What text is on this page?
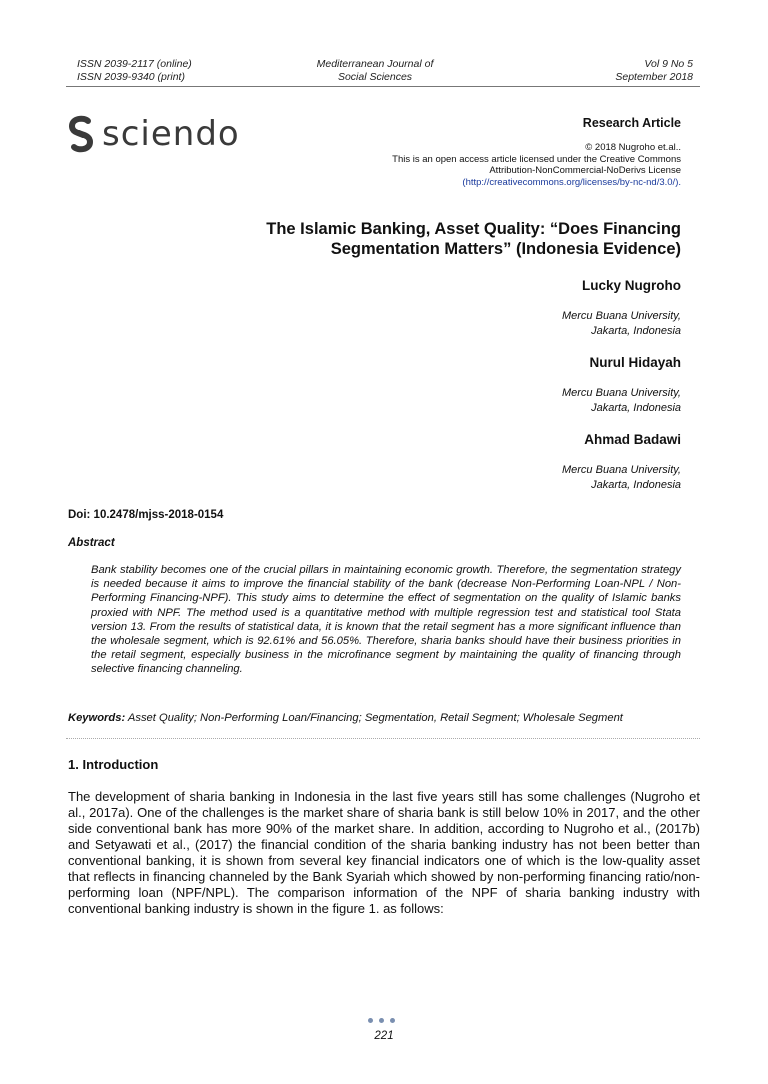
ISSN 2039-2117 (online)
ISSN 2039-9340 (print)
Mediterranean Journal of
Social Sciences
Vol 9 No 5
September 2018
sciendo	Research Article
© 2018 Nugroho et.al..
This is an open access article licensed under the Creative Commons
Attribution-NonCommercial-NoDerivs License
(http://creativecommons.org/licenses/by-nc-nd/3.0/).
The Islamic Banking, Asset Quality: “Does Financing
Segmentation Matters” (Indonesia Evidence)
Lucky Nugroho
Mercu Buana University,
Jakarta, Indonesia
Nurul Hidayah
Mercu Buana University,
Jakarta, Indonesia
Ahmad Badawi
Mercu Buana University,
Jakarta, Indonesia
Doi: 10.2478/mjss-2018-0154
Abstract
Bank stability becomes one of the crucial pillars in maintaining economic growth. Therefore, the segmentation strategy is needed because it aims to improve the financial stability of the bank (decrease Non-Performing Loan-NPL / Non-Performing Financing-NPF). This study aims to determine the effect of segmentation on the quality of Islamic banks proxied with NPF. The method used is a quantitative method with multiple regression test and statistical tool Stata version 13. From the results of statistical data, it is known that the retail segment has a more significant influence than the wholesale segment, which is 92.61% and 56.05%. Therefore, sharia banks should have their business priorities in the retail segment, especially business in the microfinance segment by maintaining the quality of financing through selective financing channeling.
Keywords: Asset Quality; Non-Performing Loan/Financing; Segmentation, Retail Segment; Wholesale Segment
1. Introduction
The development of sharia banking in Indonesia in the last five years still has some challenges (Nugroho et al., 2017a). One of the challenges is the market share of sharia bank is still below 10% in 2017, and the other side conventional bank has more 90% of the market share. In addition, according to Nugroho et al., (2017b) and Setyawati et al., (2017) the financial condition of the sharia banking industry has not been better than conventional banking, it is shown from several key financial indicators one of which is the low-quality asset that reflects in financing channeled by the Bank Syariah which showed by non-performing financing ratio/non-performing loan (NPF/NPL). The comparison information of the NPF of sharia banking industry with conventional banking industry is shown in the figure 1. as follows:
221
